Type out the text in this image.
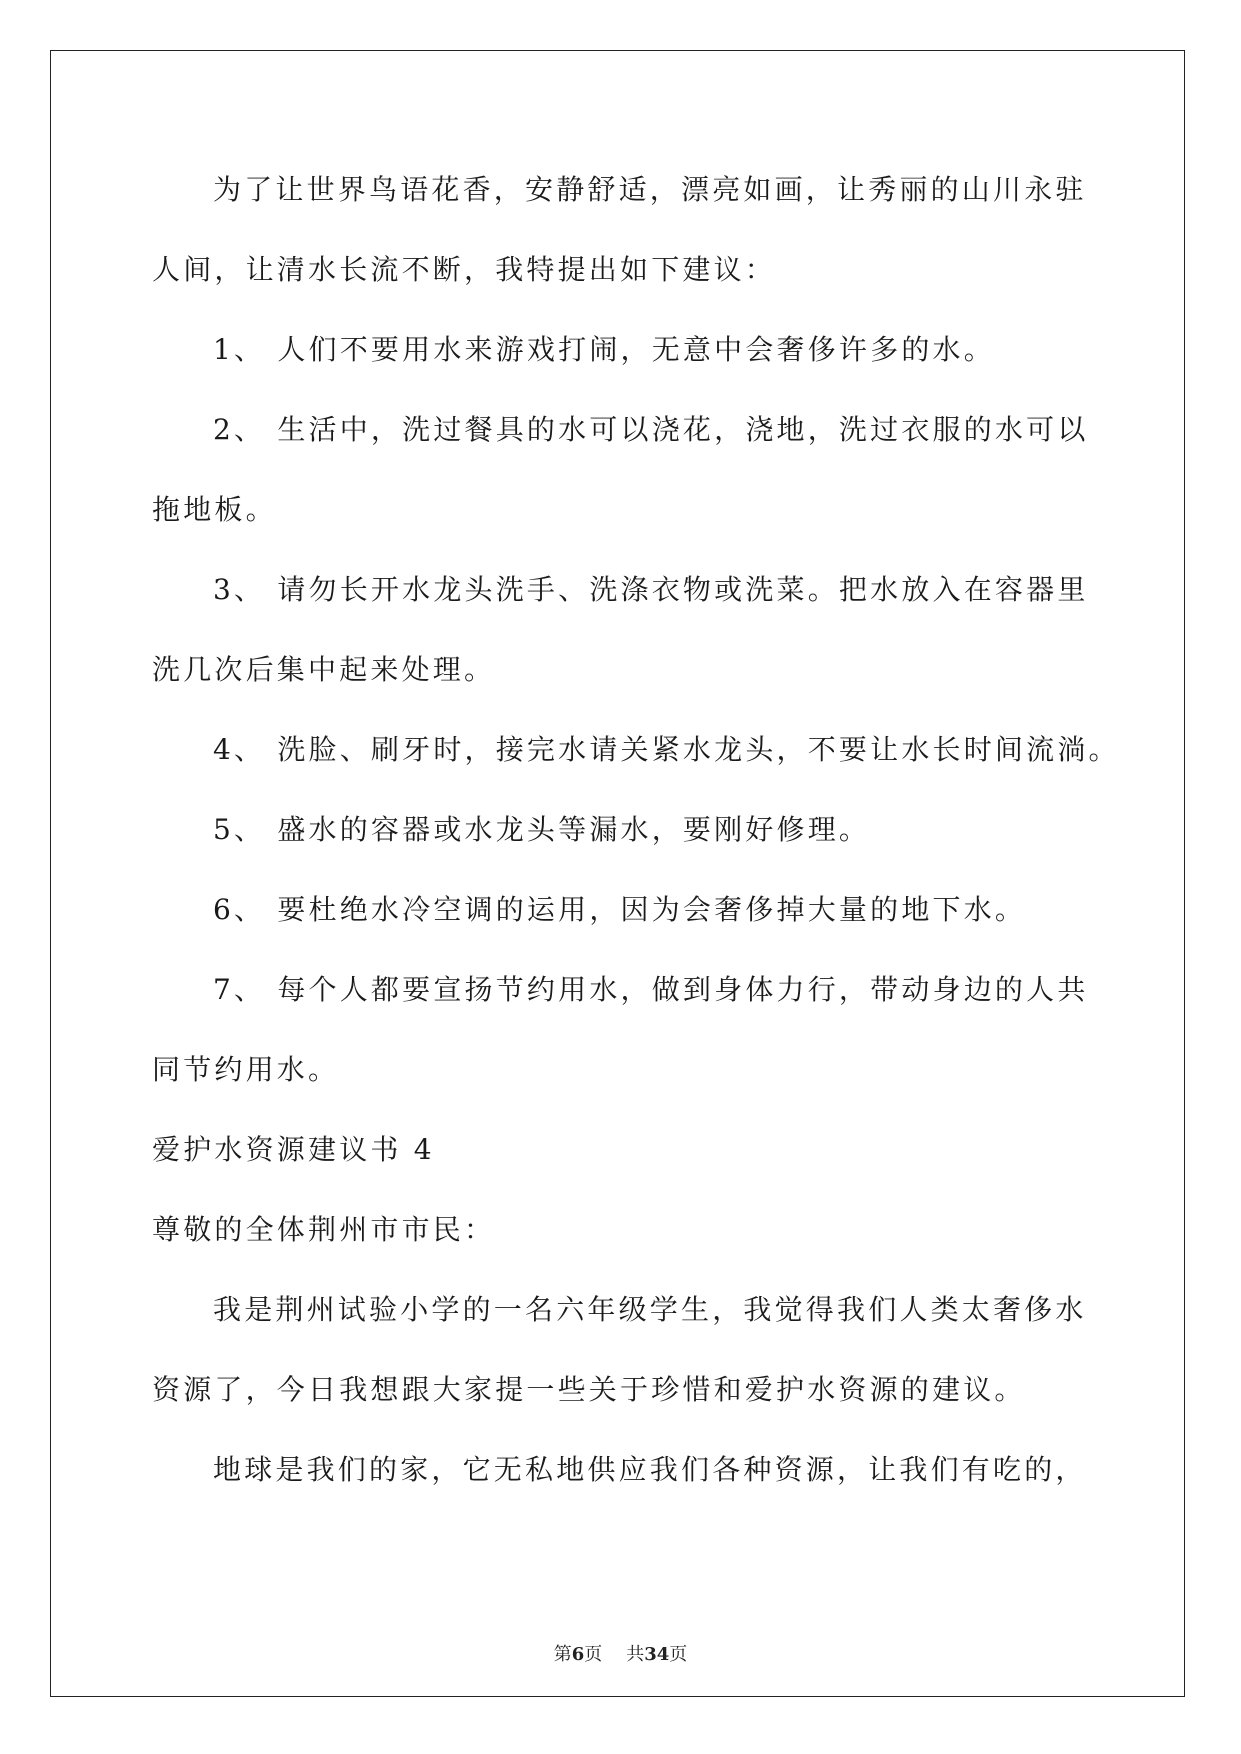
为了让世界鸟语花香，安静舒适，漂亮如画，让秀丽的山川永驻

人间，让清水长流不断，我特提出如下建议：

1、 人们不要用水来游戏打闹，无意中会奢侈许多的水。

2、 生活中，洗过餐具的水可以浇花，浇地，洗过衣服的水可以

拖地板。

3、 请勿长开水龙头洗手、洗涤衣物或洗菜。把水放入在容器里

洗几次后集中起来处理。

4、 洗脸、刷牙时，接完水请关紧水龙头，不要让水长时间流淌。

5、 盛水的容器或水龙头等漏水，要刚好修理。

6、 要杜绝水冷空调的运用，因为会奢侈掉大量的地下水。

7、 每个人都要宣扬节约用水，做到身体力行，带动身边的人共

同节约用水。

爱护水资源建议书 4

尊敬的全体荆州市市民：

我是荆州试验小学的一名六年级学生，我觉得我们人类太奢侈水

资源了，今日我想跟大家提一些关于珍惜和爱护水资源的建议。

地球是我们的家，它无私地供应我们各种资源，让我们有吃的，

第6页 共34页
